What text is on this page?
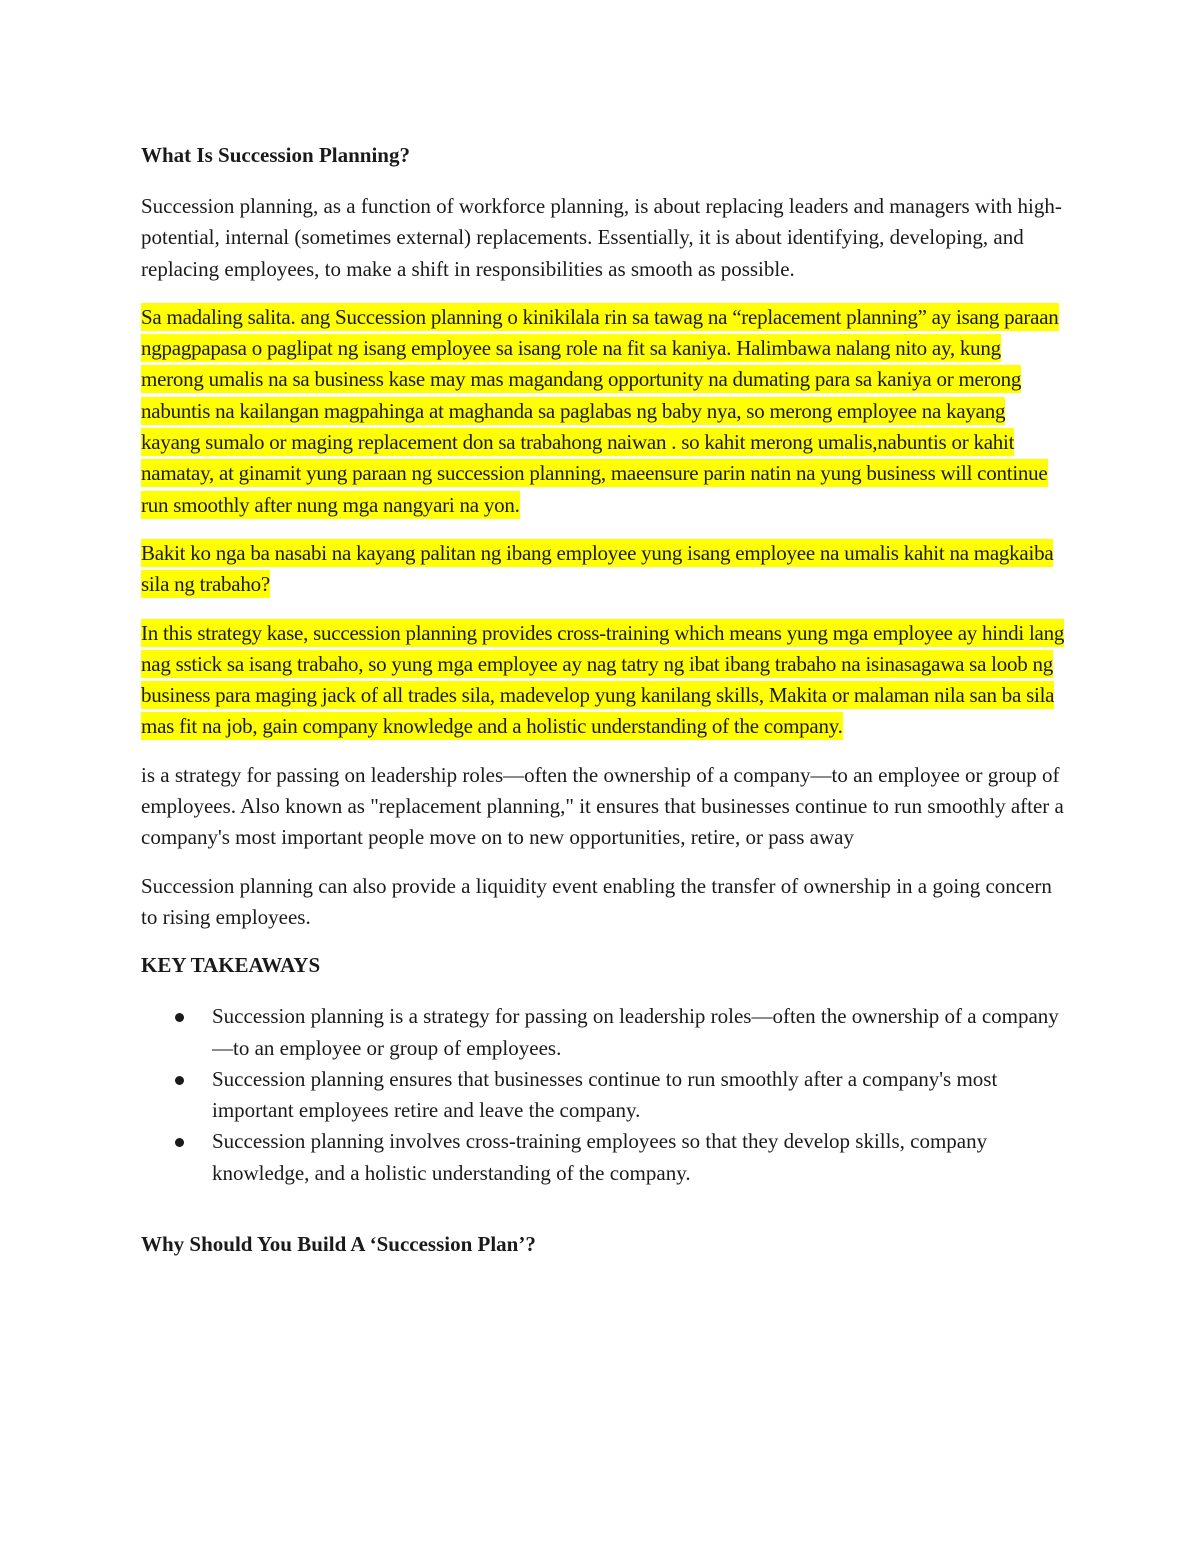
What Is Succession Planning?

Succession planning, as a function of workforce planning, is about replacing leaders and managers with high-potential, internal (sometimes external) replacements. Essentially, it is about identifying, developing, and replacing employees, to make a shift in responsibilities as smooth as possible.

Sa madaling salita. ang Succession planning o kinikilala rin sa tawag na “replacement planning” ay isang paraan ngpagpapasa o paglipat ng isang employee sa isang role na fit sa kaniya. Halimbawa nalang nito ay, kung merong umalis na sa business kase may mas magandang opportunity na dumating para sa kaniya or merong nabuntis na kailangan magpahinga at maghanda sa paglabas ng baby nya, so merong employee na kayang kayang sumalo or maging replacement don sa trabahong naiwan . so kahit merong umalis,nabuntis or kahit namatay, at ginamit yung paraan ng succession planning, maeensure parin natin na yung business will continue run smoothly after nung mga nangyari na yon.

Bakit ko nga ba nasabi na kayang palitan ng ibang employee yung isang employee na umalis kahit na magkaiba sila ng trabaho?

In this strategy kase, succession planning provides cross-training which means yung mga employee ay hindi lang nag sstick sa isang trabaho, so yung mga employee ay nag tatry ng ibat ibang trabaho na isinasagawa sa loob ng business para maging jack of all trades sila, madevelop yung kanilang skills, Makita or malaman nila san ba sila mas fit na job, gain company knowledge and a holistic understanding of the company.

is a strategy for passing on leadership roles—often the ownership of a company—to an employee or group of employees. Also known as "replacement planning," it ensures that businesses continue to run smoothly after a company's most important people move on to new opportunities, retire, or pass away

Succession planning can also provide a liquidity event enabling the transfer of ownership in a going concern to rising employees.

KEY TAKEAWAYS
Succession planning is a strategy for passing on leadership roles—often the ownership of a company—to an employee or group of employees.
Succession planning ensures that businesses continue to run smoothly after a company's most important employees retire and leave the company.
Succession planning involves cross-training employees so that they develop skills, company knowledge, and a holistic understanding of the company.
Why Should You Build A ‘Succession Plan’?
